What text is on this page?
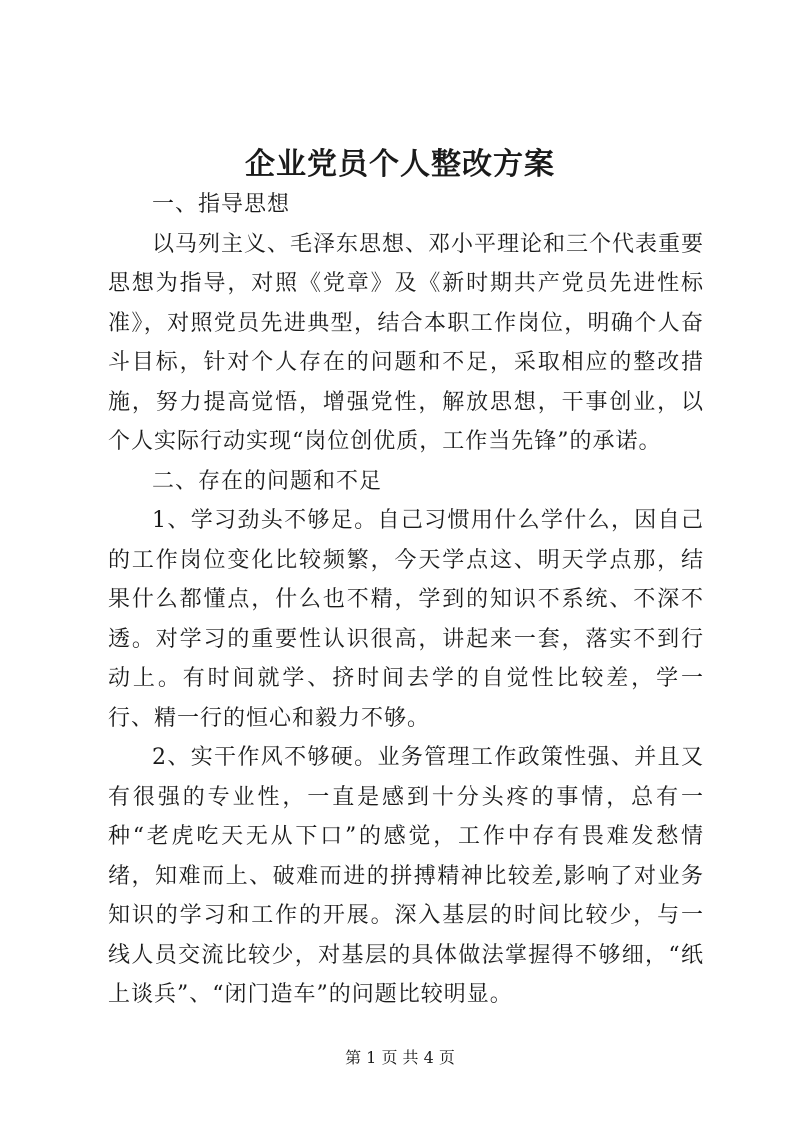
企业党员个人整改方案

一、指导思想

以马列主义、毛泽东思想、邓小平理论和三个代表重要思想为指导，对照《党章》及《新时期共产党员先进性标准》，对照党员先进典型，结合本职工作岗位，明确个人奋斗目标，针对个人存在的问题和不足，采取相应的整改措施，努力提高觉悟，增强党性，解放思想，干事创业，以个人实际行动实现“岗位创优质，工作当先锋”的承诺。

二、存在的问题和不足

1、学习劲头不够足。自己习惯用什么学什么，因自己的工作岗位变化比较频繁，今天学点这、明天学点那，结果什么都懂点，什么也不精，学到的知识不系统、不深不透。对学习的重要性认识很高，讲起来一套，落实不到行动上。有时间就学、挤时间去学的自觉性比较差，学一行、精一行的恒心和毅力不够。

2、实干作风不够硬。业务管理工作政策性强、并且又有很强的专业性，一直是感到十分头疼的事情，总有一种“老虎吃天无从下口”的感觉，工作中存有畏难发愁情绪，知难而上、破难而进的拼搏精神比较差,影响了对业务知识的学习和工作的开展。深入基层的时间比较少，与一线人员交流比较少，对基层的具体做法掌握得不够细，“纸上谈兵”、“闭门造车”的问题比较明显。

第 1 页 共 4 页
